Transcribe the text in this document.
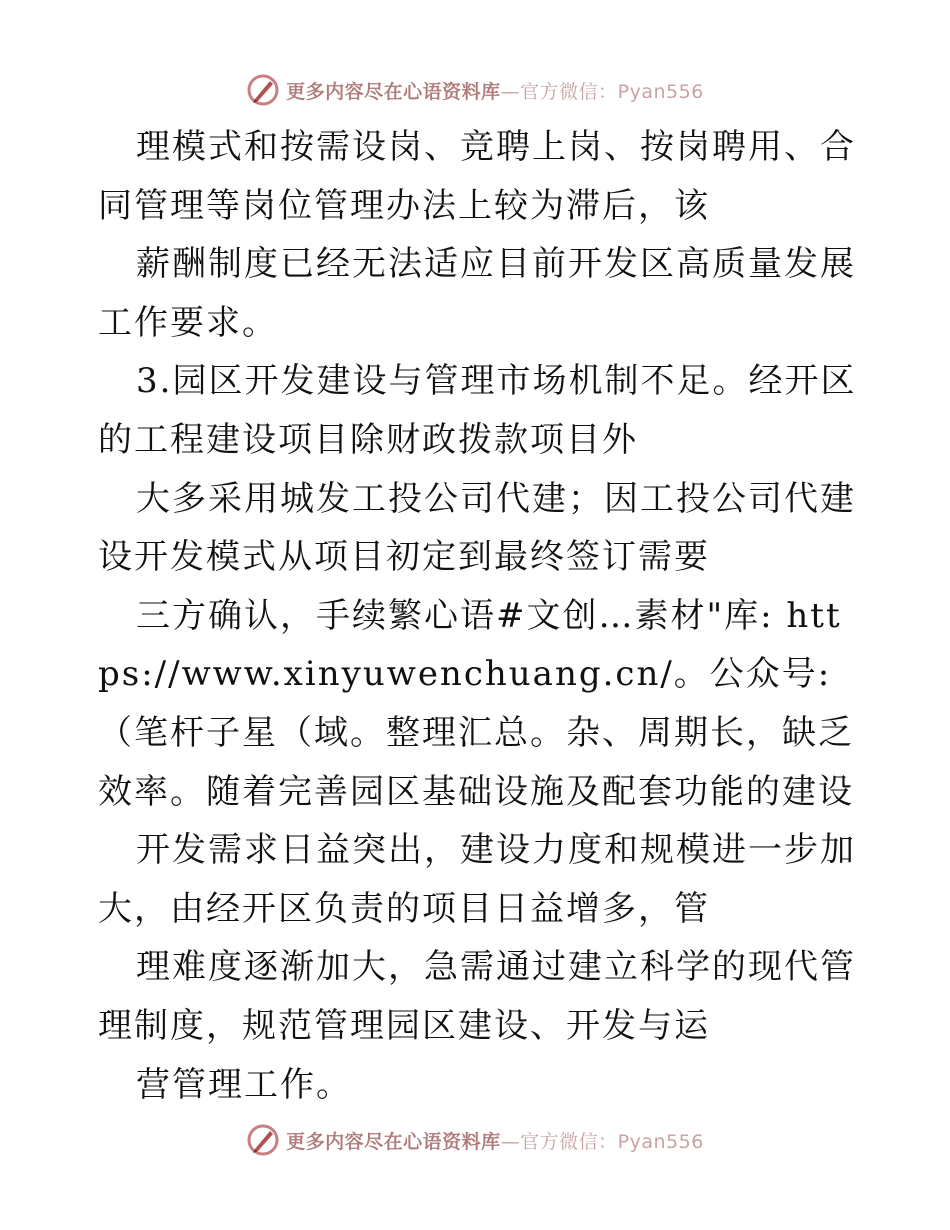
更多内容尽在心语资料库—官方微信：Pyan556

理模式和按需设岗、竞聘上岗、按岗聘用、合同管理等岗位管理办法上较为滞后，该

薪酬制度已经无法适应目前开发区高质量发展工作要求。

3.园区开发建设与管理市场机制不足。经开区的工程建设项目除财政拨款项目外

大多采用城发工投公司代建；因工投公司代建设开发模式从项目初定到最终签订需要

三方确认，手续繁心语#文创…素材"库: https://www.xinyuwenchuang.cn/。公众号: （笔杆子星（域。整理汇总。杂、周期长，缺乏效率。随着完善园区基础设施及配套功能的建设

开发需求日益突出，建设力度和规模进一步加大，由经开区负责的项目日益增多，管

理难度逐渐加大，急需通过建立科学的现代管理制度，规范管理园区建设、开发与运

营管理工作。

更多内容尽在心语资料库—官方微信：Pyan556
